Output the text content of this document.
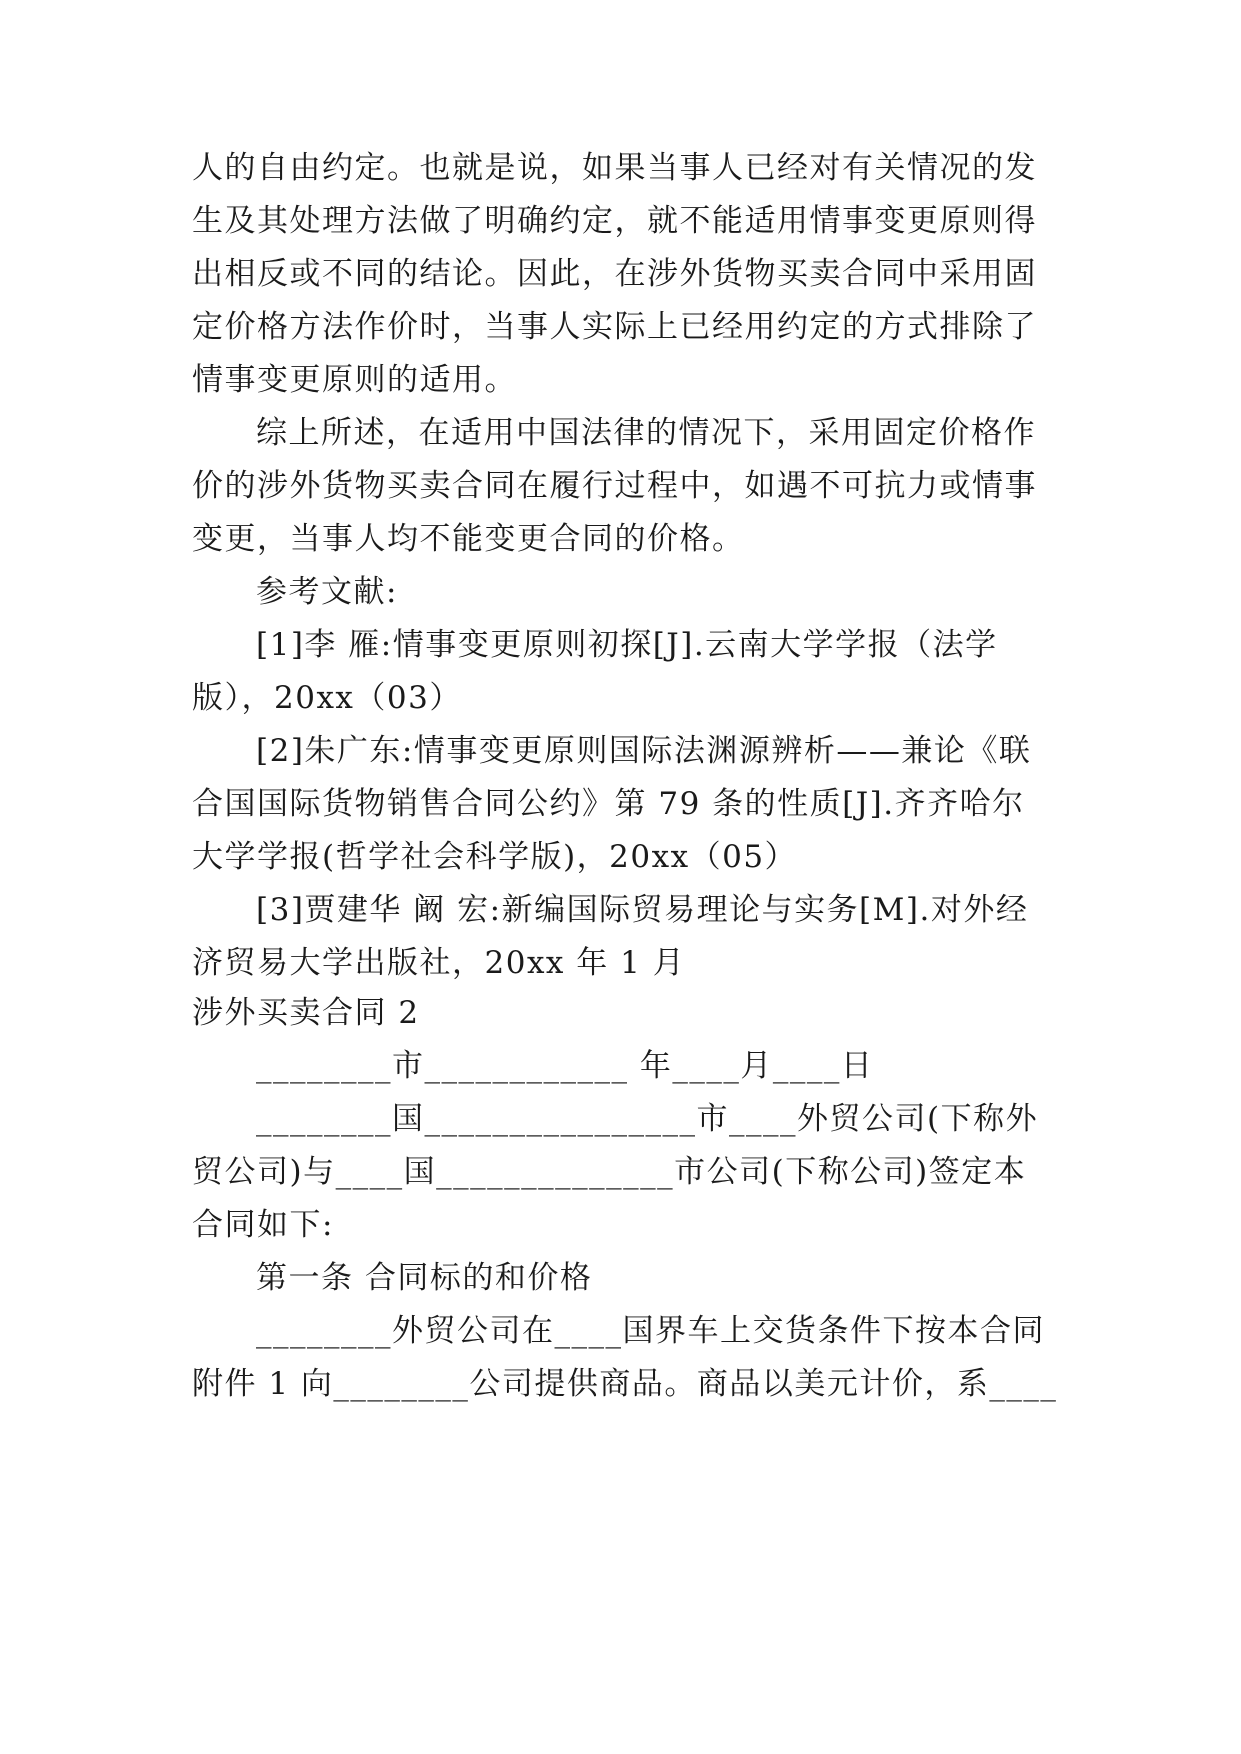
人的自由约定。也就是说，如果当事人已经对有关情况的发
生及其处理方法做了明确约定，就不能适用情事变更原则得
出相反或不同的结论。因此，在涉外货物买卖合同中采用固
定价格方法作价时，当事人实际上已经用约定的方式排除了
情事变更原则的适用。
综上所述，在适用中国法律的情况下，采用固定价格作
价的涉外货物买卖合同在履行过程中，如遇不可抗力或情事
变更，当事人均不能变更合同的价格。
参考文献:
[1]李 雁:情事变更原则初探[J].云南大学学报（法学
版），20xx（03）
[2]朱广东:情事变更原则国际法渊源辨析——兼论《联
合国国际货物销售合同公约》第 79 条的性质[J].齐齐哈尔
大学学报(哲学社会科学版)，20xx（05）
[3]贾建华 阚 宏:新编国际贸易理论与实务[M].对外经
济贸易大学出版社，20xx 年 1 月
涉外买卖合同 2
________市____________ 年____月____日
________国________________市____外贸公司(下称外
贸公司)与____国______________市公司(下称公司)签定本
合同如下:
第一条 合同标的和价格
________外贸公司在____国界车上交货条件下按本合同
附件 1 向________公司提供商品。商品以美元计价，系____
